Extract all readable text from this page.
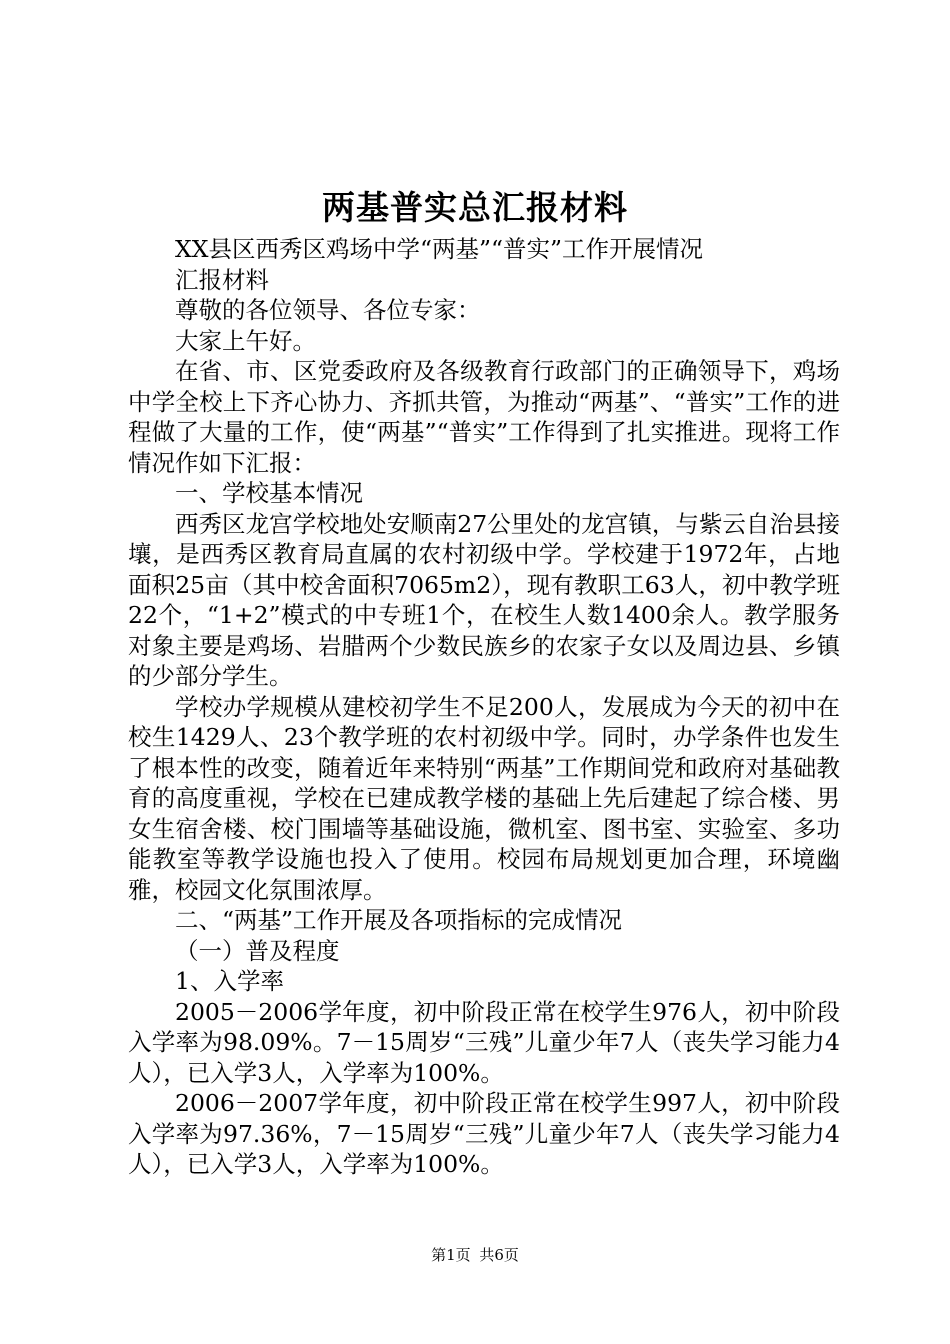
两基普实总汇报材料

XX县区西秀区鸡场中学“两基”“普实”工作开展情况

汇报材料

尊敬的各位领导、各位专家：

大家上午好。

在省、市、区党委政府及各级教育行政部门的正确领导下，鸡场中学全校上下齐心协力、齐抓共管，为推动“两基”、“普实”工作的进程做了大量的工作，使“两基”“普实”工作得到了扎实推进。现将工作情况作如下汇报：

一、学校基本情况

西秀区龙宫学校地处安顺南27公里处的龙宫镇，与紫云自治县接壤，是西秀区教育局直属的农村初级中学。学校建于1972年，占地面积25亩（其中校舍面积7065m2），现有教职工63人，初中教学班22个，“1+2”模式的中专班1个，在校生人数1400余人。教学服务对象主要是鸡场、岩腊两个少数民族乡的农家子女以及周边县、乡镇的少部分学生。

学校办学规模从建校初学生不足200人，发展成为今天的初中在校生1429人、23个教学班的农村初级中学。同时，办学条件也发生了根本性的改变，随着近年来特别“两基”工作期间党和政府对基础教育的高度重视，学校在已建成教学楼的基础上先后建起了综合楼、男女生宿舍楼、校门围墙等基础设施，微机室、图书室、实验室、多功能教室等教学设施也投入了使用。校园布局规划更加合理，环境幽雅，校园文化氛围浓厚。

二、“两基”工作开展及各项指标的完成情况

（一）普及程度

1、入学率

2005－2006学年度，初中阶段正常在校学生976人，初中阶段入学率为98.09%。7－15周岁“三残”儿童少年7人（丧失学习能力4人），已入学3人，入学率为100%。

2006－2007学年度，初中阶段正常在校学生997人，初中阶段入学率为97.36%，7－15周岁“三残”儿童少年7人（丧失学习能力4人），已入学3人，入学率为100%。

第1页 共6页
